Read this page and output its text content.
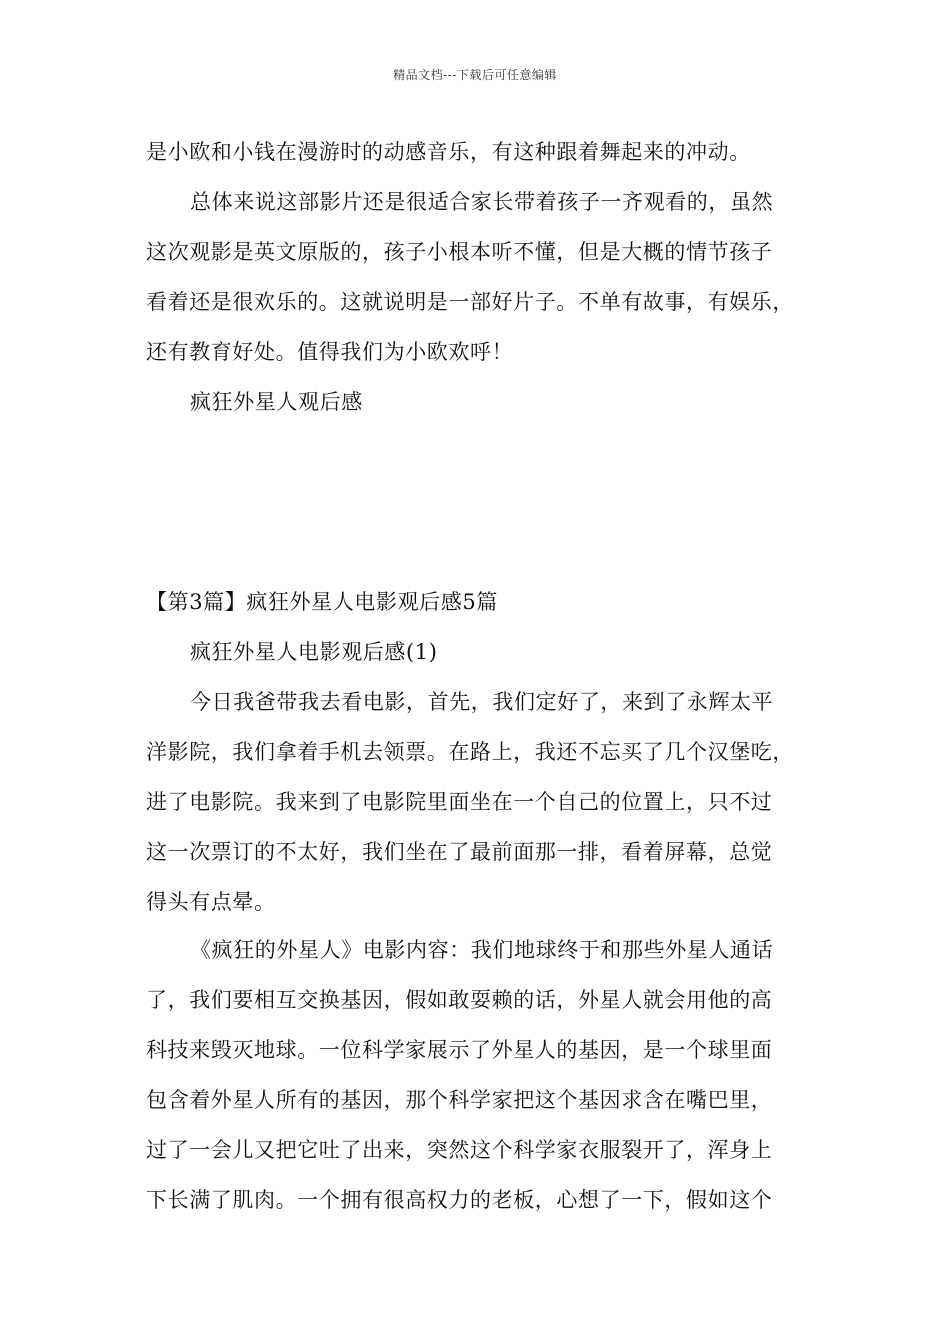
精品文档---下载后可任意编辑
是小欧和小钱在漫游时的动感音乐，有这种跟着舞起来的冲动。
总体来说这部影片还是很适合家长带着孩子一齐观看的，虽然
这次观影是英文原版的，孩子小根本听不懂，但是大概的情节孩子
看着还是很欢乐的。这就说明是一部好片子。不单有故事，有娱乐，
还有教育好处。值得我们为小欧欢呼！
疯狂外星人观后感
【第3篇】疯狂外星人电影观后感5篇
疯狂外星人电影观后感(1)
今日我爸带我去看电影，首先，我们定好了，来到了永辉太平
洋影院，我们拿着手机去领票。在路上，我还不忘买了几个汉堡吃，
进了电影院。我来到了电影院里面坐在一个自己的位置上，只不过
这一次票订的不太好，我们坐在了最前面那一排，看着屏幕，总觉
得头有点晕。
《疯狂的外星人》电影内容：我们地球终于和那些外星人通话
了，我们要相互交换基因，假如敢耍赖的话，外星人就会用他的高
科技来毁灭地球。一位科学家展示了外星人的基因，是一个球里面
包含着外星人所有的基因，那个科学家把这个基因求含在嘴巴里，
过了一会儿又把它吐了出来，突然这个科学家衣服裂开了，浑身上
下长满了肌肉。一个拥有很高权力的老板，心想了一下，假如这个
